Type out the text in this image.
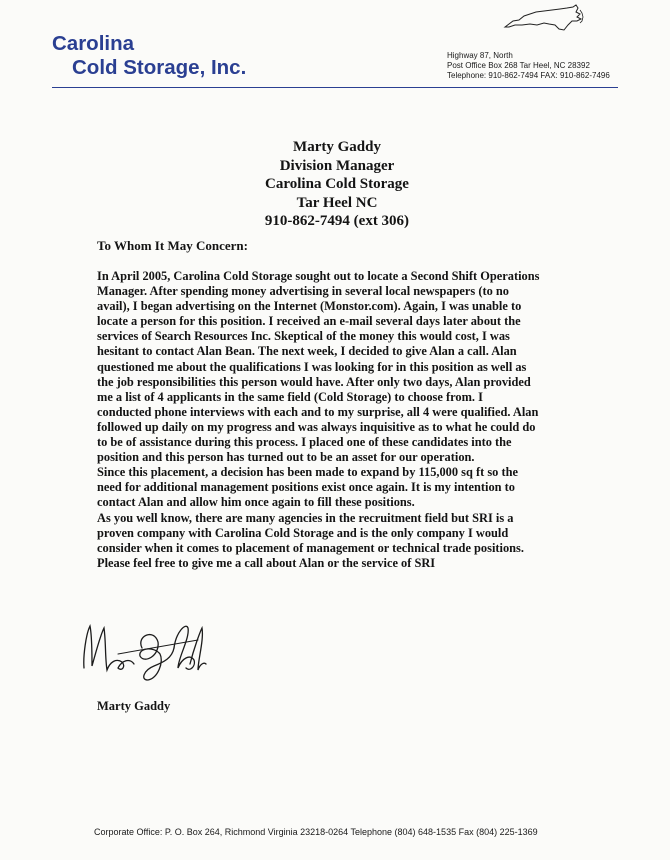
Carolina
Cold Storage, Inc.
Highway 87, North
Post Office Box 268 Tar Heel, NC 28392
Telephone: 910-862-7494 FAX: 910-862-7496
Marty Gaddy
Division Manager
Carolina Cold Storage
Tar Heel NC
910-862-7494 (ext 306)
To Whom It May Concern:
In April 2005, Carolina Cold Storage sought out to locate a Second Shift Operations
Manager. After spending money advertising in several local newspapers (to no
avail), I began advertising on the Internet (Monstor.com). Again, I was unable to
locate a person for this position. I received an e-mail several days later about the
services of Search Resources Inc. Skeptical of the money this would cost, I was
hesitant to contact Alan Bean. The next week, I decided to give Alan a call. Alan
questioned me about the qualifications I was looking for in this position as well as
the job responsibilities this person would have. After only two days, Alan provided
me a list of 4 applicants in the same field (Cold Storage) to choose from. I
conducted phone interviews with each and to my surprise, all 4 were qualified. Alan
followed up daily on my progress and was always inquisitive as to what he could do
to be of assistance during this process. I placed one of these candidates into the
position and this person has turned out to be an asset for our operation.
Since this placement, a decision has been made to expand by 115,000 sq ft so the
need for additional management positions exist once again. It is my intention to
contact Alan and allow him once again to fill these positions.
As you well know, there are many agencies in the recruitment field but SRI is a
proven company with Carolina Cold Storage and is the only company I would
consider when it comes to placement of management or technical trade positions.
Please feel free to give me a call about Alan or the service of SRI
Marty Gaddy
Corporate Office: P. O. Box 264, Richmond Virginia 23218-0264 Telephone (804) 648-1535 Fax (804) 225-1369
